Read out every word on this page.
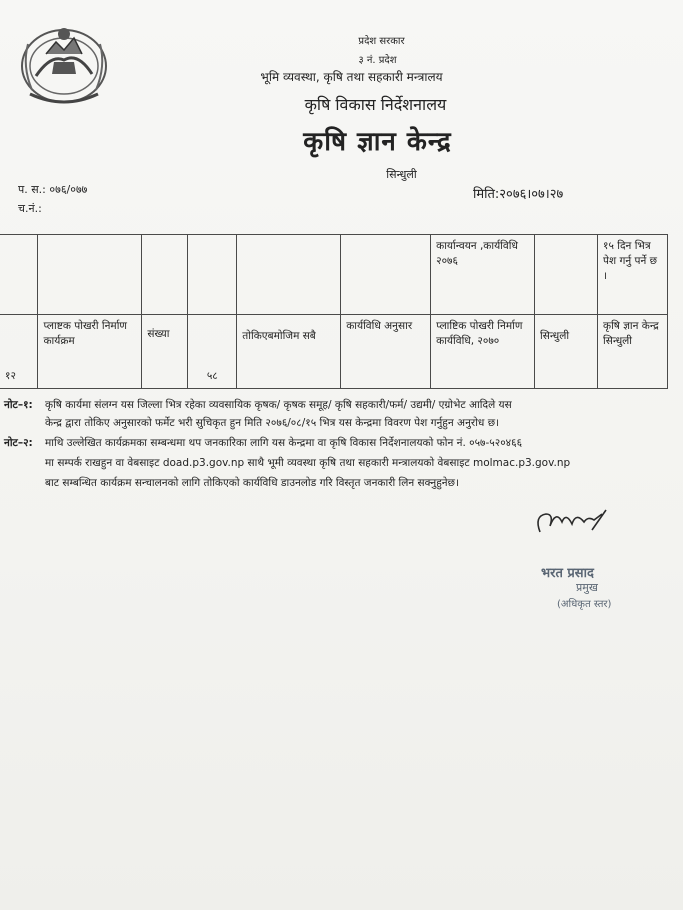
प्रदेश सरकार
३ नं. प्रदेश
भूमि व्यवस्था, कृषि तथा सहकारी मन्त्रालय
कृषि विकास निर्देशनालय
कृषि ज्ञान केन्द्र
सिन्धुली
प. स.: ०७६/०७७
च.नं.:
मिति:२०७६।०७।२७
						कार्यान्वयन ,कार्यविधि २०७६		१५ दिन भित्र पेश गर्नु पर्ने छ ।
१२	प्लाष्टक पोखरी निर्माण कार्यक्रम	संख्या	५८	तोकिएबमोजिम सबै	कार्यविधि अनुसार	प्लाष्टिक पोखरी निर्माण कार्यविधि, २०७०	सिन्धुली	कृषि ज्ञान केन्द्र सिन्धुली
नोट–१: कृषि कार्यमा संलग्न यस जिल्ला भित्र रहेका व्यवसायिक कृषक/ कृषक समूह/ कृषि सहकारी/फर्म/ उद्यमी/ एग्रोभेट आदिले यस
केन्द्र द्वारा तोकिए अनुसारको फर्मेट भरी सुचिकृत हुन मिति २०७६/०८/१५ भित्र यस केन्द्रमा विवरण पेश गर्नुहुन अनुरोध छ।
नोट–२: माथि उल्लेखित कार्यक्रमका सम्बन्धमा थप जनकारिका लागि यस केन्द्रमा वा कृषि विकास निर्देशनालयको फोन नं. ०५७-५२०४६६
मा सम्पर्क राखहुन वा वेबसाइट doad.p3.gov.np साथै भूमी व्यवस्था कृषि तथा सहकारी मन्त्रालयको वेबसाइट molmac.p3.gov.np
बाट सम्बन्धित कार्यक्रम सन्चालनको लागि तोकिएको कार्यविधि डाउनलोड गरि विस्तृत जनकारी लिन सक्नुहुनेछ।
भरत प्रसाद
प्रमुख
(अधिकृत स्तर)
